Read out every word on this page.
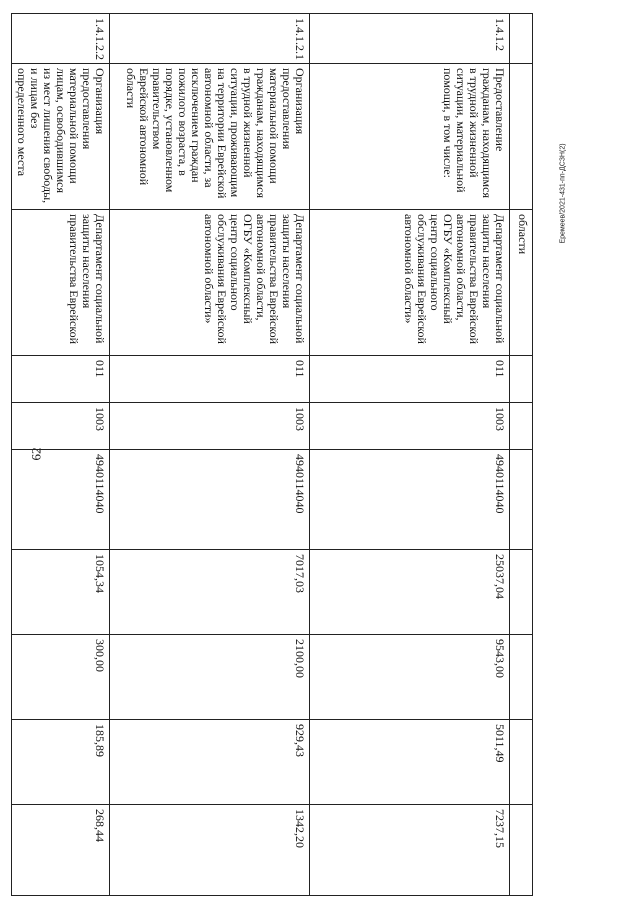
62
Еремеев/2021-431-пп-ДСЗН(2)
		области								
1.4.1.2	Предоставление гражданам, находящимся в трудной жизненной ситуации, материальной помощи, в том числе:	Департамент социальной защиты населения правительства Еврейской автономной области, ОГБУ «Комплексный центр социального обслуживания Еврейской автономной области»	011	1003	4940114040	25037,04	9543,00	5011,49	7237,15	
1.4.1.2.1	Организация предоставления материальной помощи гражданам, находящимся в трудной жизненной ситуации, проживающим на территории Еврейской автономной области, за исключением граждан пожилого возраста, в порядке, установленном правительством Еврейской автономной области	Департамент социальной защиты населения правительства Еврейской автономной области, ОГБУ «Комплексный центр социального обслуживания Еврейской автономной области»	011	1003	4940114040	7017,03	2100,00	929,43	1342,20	
1.4.1.2.2	Организация предоставления материальной помощи лицам, освободившимся из мест лишения свободы, и лицам без определенного места	Департамент социальной защиты населения правительства Еврейской	011	1003	4940114040	1054,34	300,00	185,89	268,44	
